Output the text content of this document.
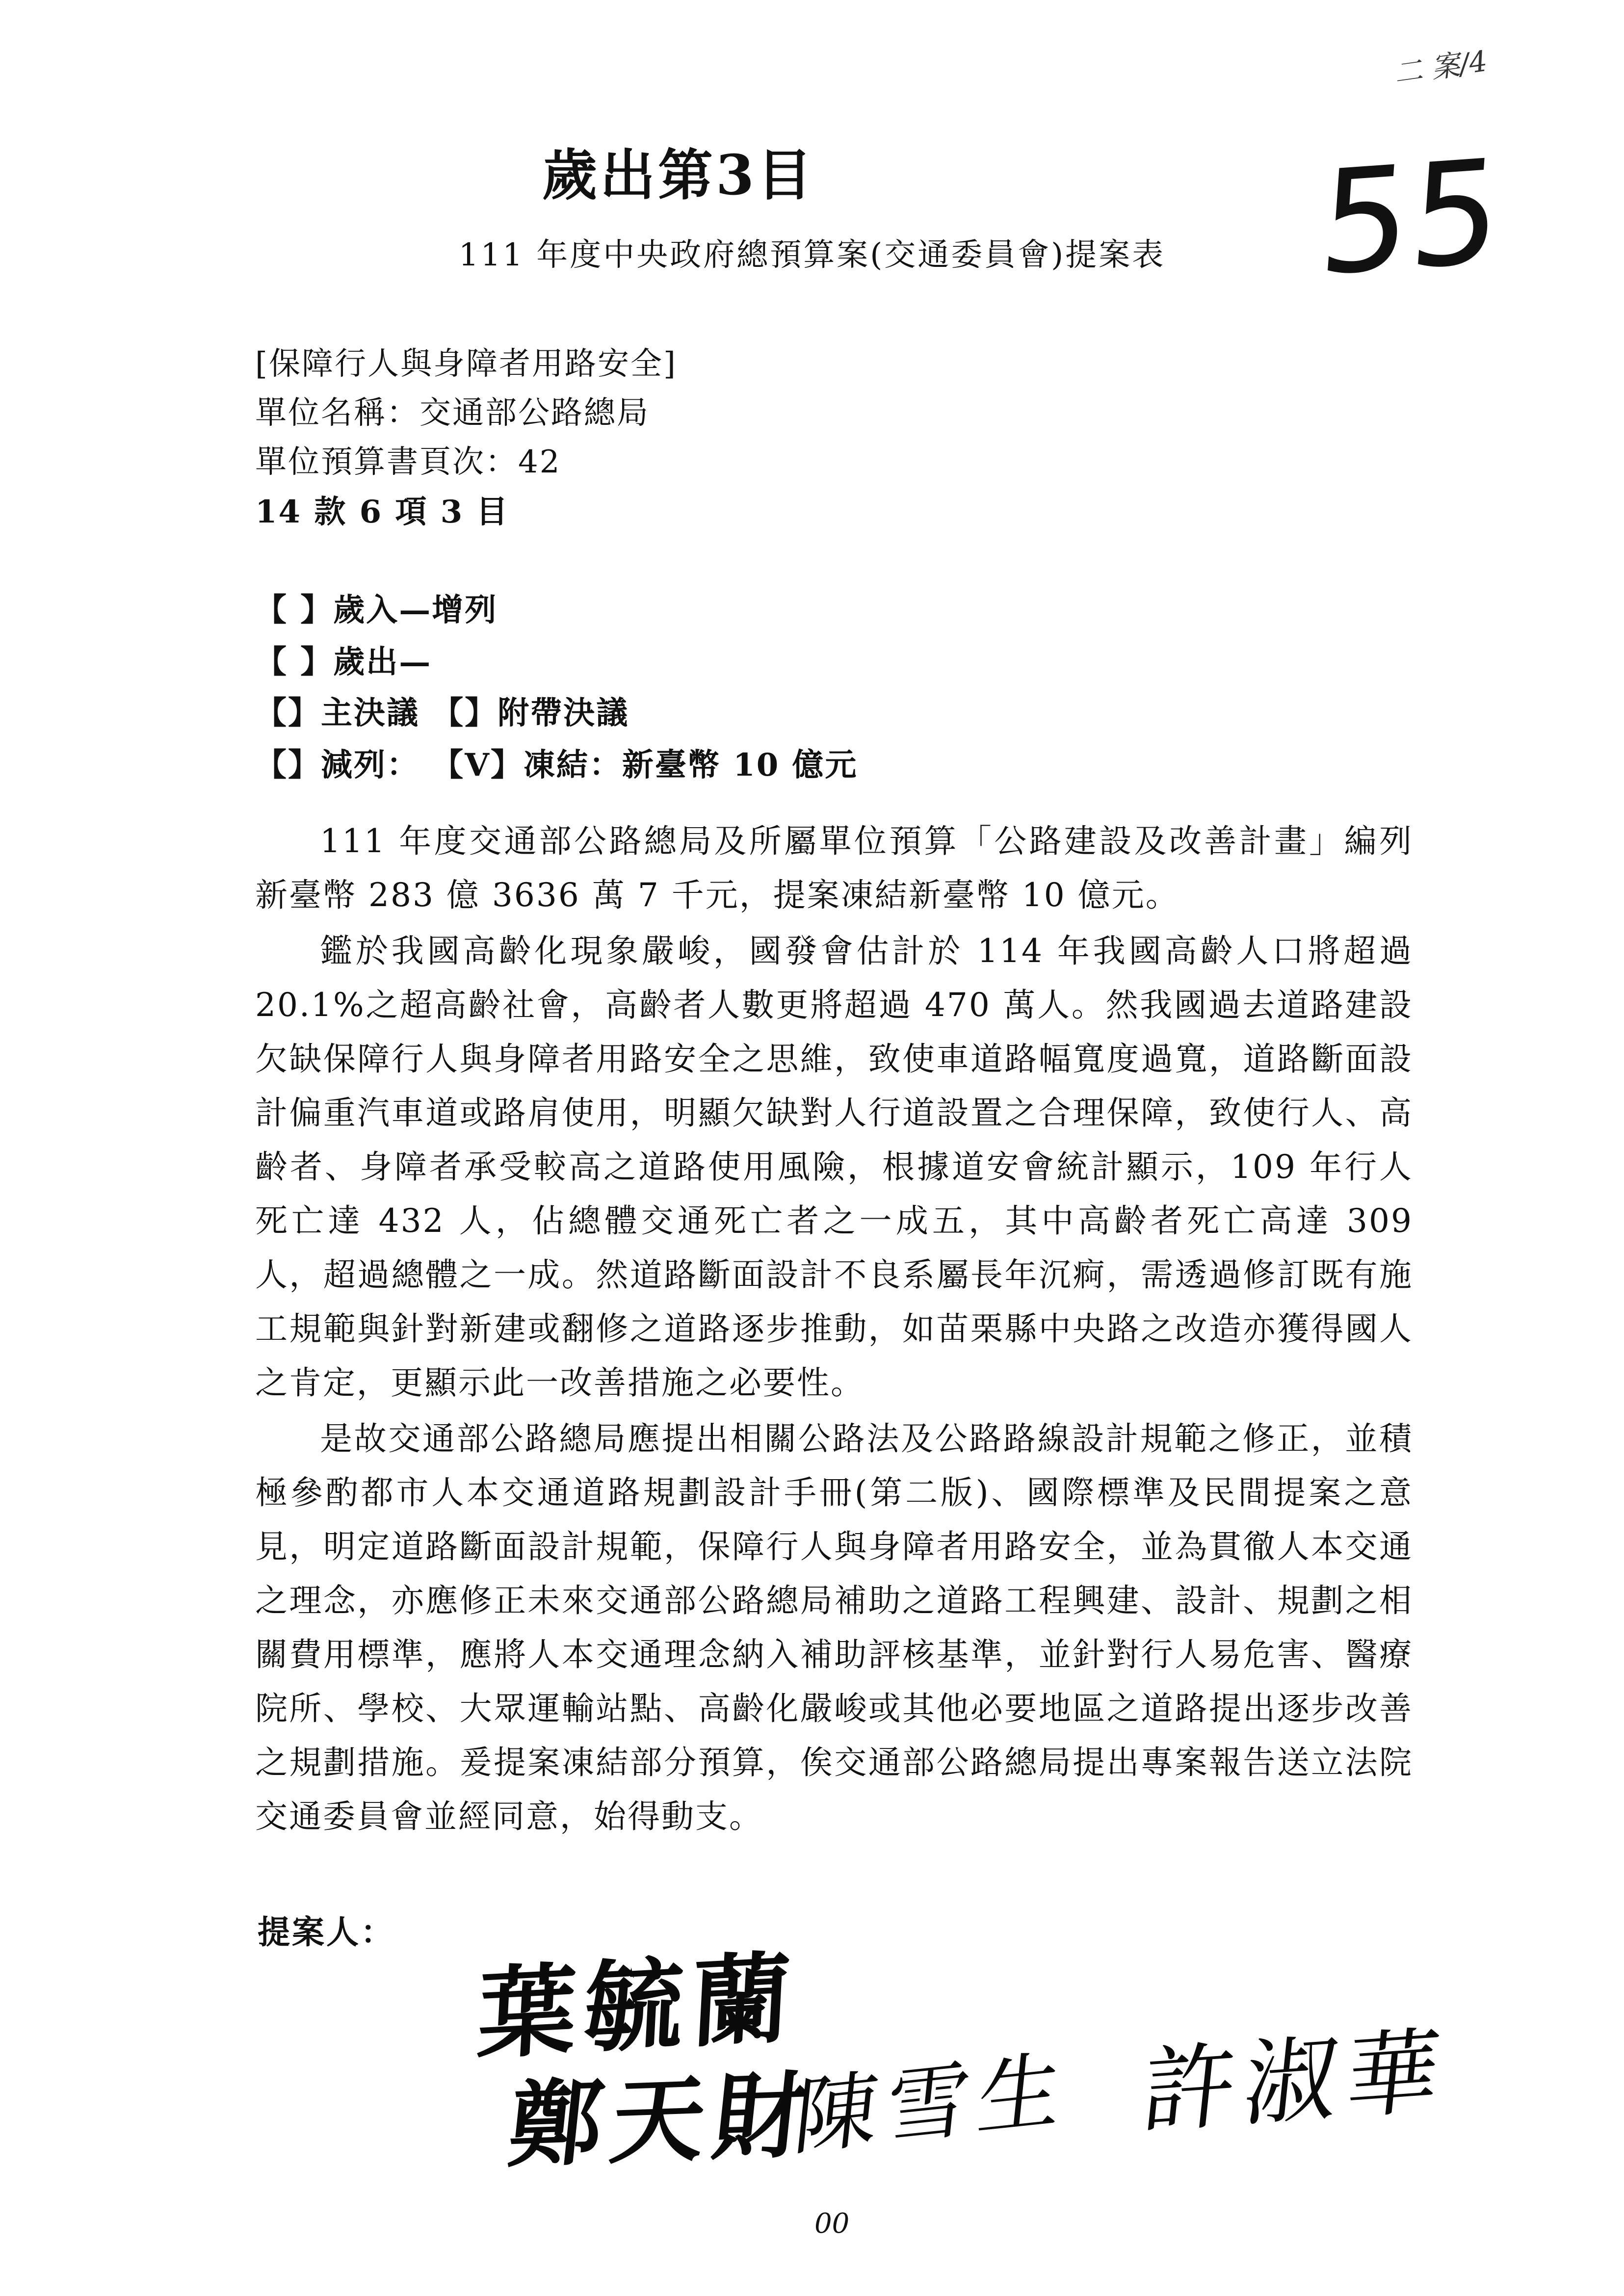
二 案/4
歲出第3目	55
111 年度中央政府總預算案(交通委員會)提案表
[保障行人與身障者用路安全]
單位名稱：交通部公路總局
單位預算書頁次：42
14 款 6 項 3 目
【 】歲入—增列
【 】歲出—
【】主決議 【】附帶決議
【】減列： 【V】凍結：新臺幣 10 億元

111 年度交通部公路總局及所屬單位預算「公路建設及改善計畫」編列新臺幣 283 億 3636 萬 7 千元，提案凍結新臺幣 10 億元。

鑑於我國高齡化現象嚴峻，國發會估計於 114 年我國高齡人口將超過 20.1%之超高齡社會，高齡者人數更將超過 470 萬人。然我國過去道路建設欠缺保障行人與身障者用路安全之思維，致使車道路幅寬度過寬，道路斷面設計偏重汽車道或路肩使用，明顯欠缺對人行道設置之合理保障，致使行人、高齡者、身障者承受較高之道路使用風險，根據道安會統計顯示，109 年行人死亡達 432 人，佔總體交通死亡者之一成五，其中高齡者死亡高達 309 人，超過總體之一成。然道路斷面設計不良系屬長年沉痾，需透過修訂既有施工規範與針對新建或翻修之道路逐步推動，如苗栗縣中央路之改造亦獲得國人之肯定，更顯示此一改善措施之必要性。

是故交通部公路總局應提出相關公路法及公路路線設計規範之修正，並積極參酌都市人本交通道路規劃設計手冊(第二版)、國際標準及民間提案之意見，明定道路斷面設計規範，保障行人與身障者用路安全，並為貫徹人本交通之理念，亦應修正未來交通部公路總局補助之道路工程興建、設計、規劃之相關費用標準，應將人本交通理念納入補助評核基準，並針對行人易危害、醫療院所、學校、大眾運輸站點、高齡化嚴峻或其他必要地區之道路提出逐步改善之規劃措施。爰提案凍結部分預算，俟交通部公路總局提出專案報告送立法院交通委員會並經同意，始得動支。

提案人：
葉毓蘭
鄭天財
陳雪生 許淑華
00
